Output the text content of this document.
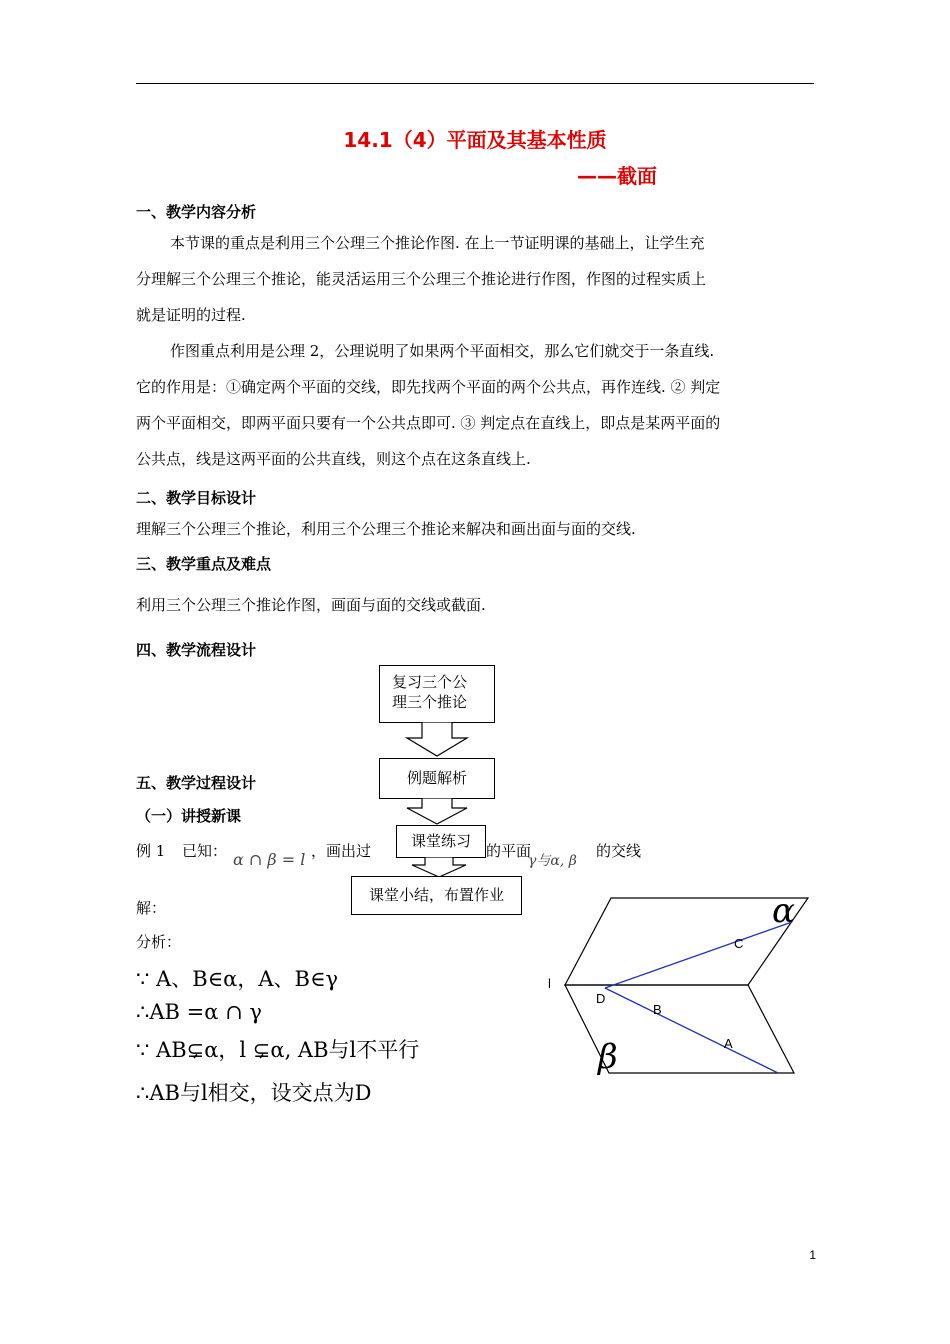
14.1（4）平面及其基本性质
——截面
一、教学内容分析
本节课的重点是利用三个公理三个推论作图. 在上一节证明课的基础上，让学生充
分理解三个公理三个推论，能灵活运用三个公理三个推论进行作图，作图的过程实质上
就是证明的过程.
作图重点利用是公理 2，公理说明了如果两个平面相交，那么它们就交于一条直线.
它的作用是：①确定两个平面的交线，即先找两个平面的两个公共点，再作连线. ② 判定
两个平面相交，即两平面只要有一个公共点即可. ③ 判定点在直线上，即点是某两平面的
公共点，线是这两平面的公共直线，则这个点在这条直线上.
二、教学目标设计
理解三个公理三个推论，利用三个公理三个推论来解决和画出面与面的交线.
三、教学重点及难点
利用三个公理三个推论作图，画面与面的交线或截面.
四、教学流程设计
复习三个公
理三个推论
例题解析
课堂练习
课堂小结，布置作业
五、教学过程设计
（一）讲授新课
例 1 已知： α ∩ β = l ，画出过	的平面
γ与α, β
的交线
解：
分析：
∵ A、B∈α，A、B∈γ
∴AB =α ∩ γ
∵ AB⊊α，l ⊊α, AB与l不平行
∴AB与l相交，设交点为D
α
β
C
l
D
B
A
1
